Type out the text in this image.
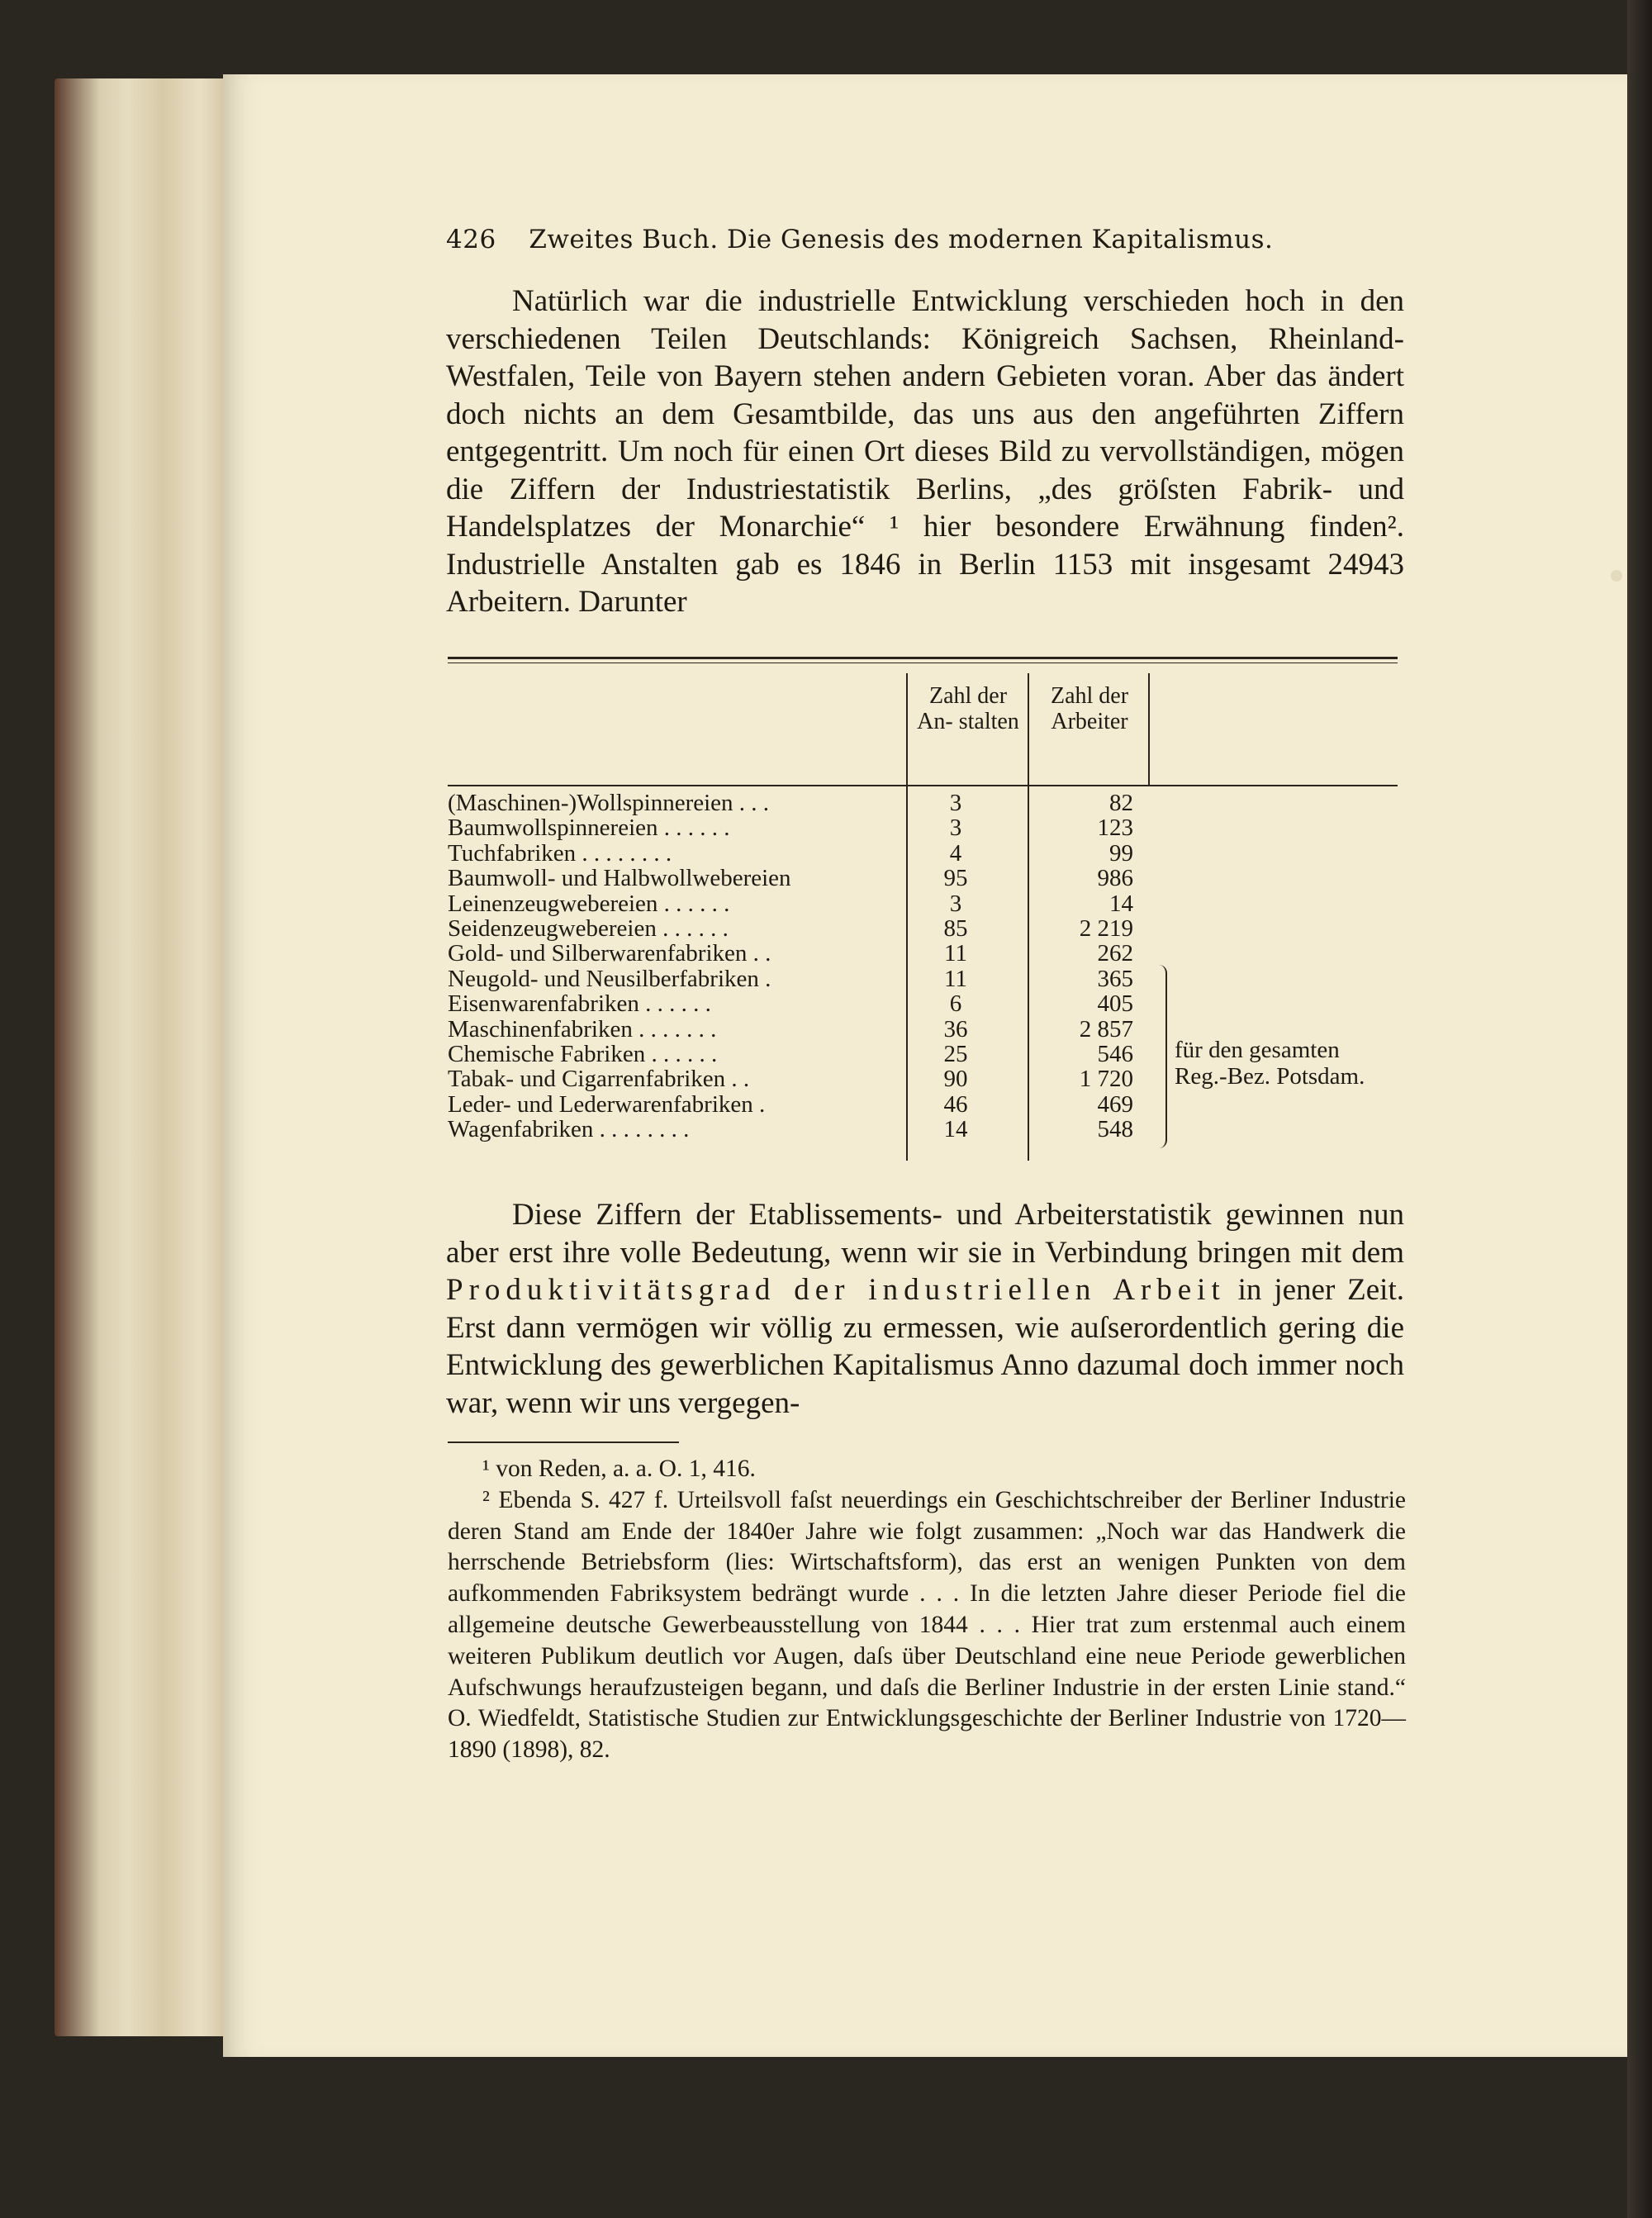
426 Zweites Buch. Die Genesis des modernen Kapitalismus.
Natürlich war die industrielle Entwicklung verschieden hoch in den verschiedenen Teilen Deutschlands: Königreich Sachsen, Rheinland-Westfalen, Teile von Bayern stehen andern Gebieten voran. Aber das ändert doch nichts an dem Gesamtbilde, das uns aus den angeführten Ziffern entgegentritt. Um noch für einen Ort dieses Bild zu vervollständigen, mögen die Ziffern der Industriestatistik Berlins, „des gröſsten Fabrik- und Handelsplatzes der Monarchie“ ¹ hier besondere Erwähnung finden². Industrielle Anstalten gab es 1846 in Berlin 1153 mit insgesamt 24943 Arbeitern. Darunter
Zahl der An- stalten
Zahl der Arbeiter
(Maschinen-)Wollspinnereien . . .	3	82
Baumwollspinnereien . . . . . .	3	123
Tuchfabriken . . . . . . . .	4	99
Baumwoll- und Halbwollwebereien	95	986
Leinenzeugwebereien . . . . . .	3	14
Seidenzeugwebereien . . . . . .	85	2 219
Gold- und Silberwarenfabriken . .	11	262
Neugold- und Neusilberfabriken .	11	365
Eisenwarenfabriken . . . . . .	6	405
Maschinenfabriken . . . . . . .	36	2 857
Chemische Fabriken . . . . . .	25	546
Tabak- und Cigarrenfabriken . .	90	1 720
Leder- und Lederwarenfabriken .	46	469
Wagenfabriken . . . . . . . .	14	548
für den gesamten Reg.-Bez. Potsdam.
Diese Ziffern der Etablissements- und Arbeiterstatistik gewinnen nun aber erst ihre volle Bedeutung, wenn wir sie in Verbindung bringen mit dem Produktivitätsgrad der industriellen Arbeit in jener Zeit. Erst dann vermögen wir völlig zu ermessen, wie auſserordentlich gering die Entwicklung des gewerblichen Kapitalismus Anno dazumal doch immer noch war, wenn wir uns vergegen-

¹ von Reden, a. a. O. 1, 416.

² Ebenda S. 427 f. Urteilsvoll faſst neuerdings ein Geschichtschreiber der Berliner Industrie deren Stand am Ende der 1840er Jahre wie folgt zusammen: „Noch war das Handwerk die herrschende Betriebsform (lies: Wirtschaftsform), das erst an wenigen Punkten von dem aufkommenden Fabriksystem bedrängt wurde . . . In die letzten Jahre dieser Periode fiel die allgemeine deutsche Gewerbeausstellung von 1844 . . . Hier trat zum erstenmal auch einem weiteren Publikum deutlich vor Augen, daſs über Deutschland eine neue Periode gewerblichen Aufschwungs heraufzusteigen begann, und daſs die Berliner Industrie in der ersten Linie stand.“ O. Wiedfeldt, Statistische Studien zur Entwicklungsgeschichte der Berliner Industrie von 1720—1890 (1898), 82.
